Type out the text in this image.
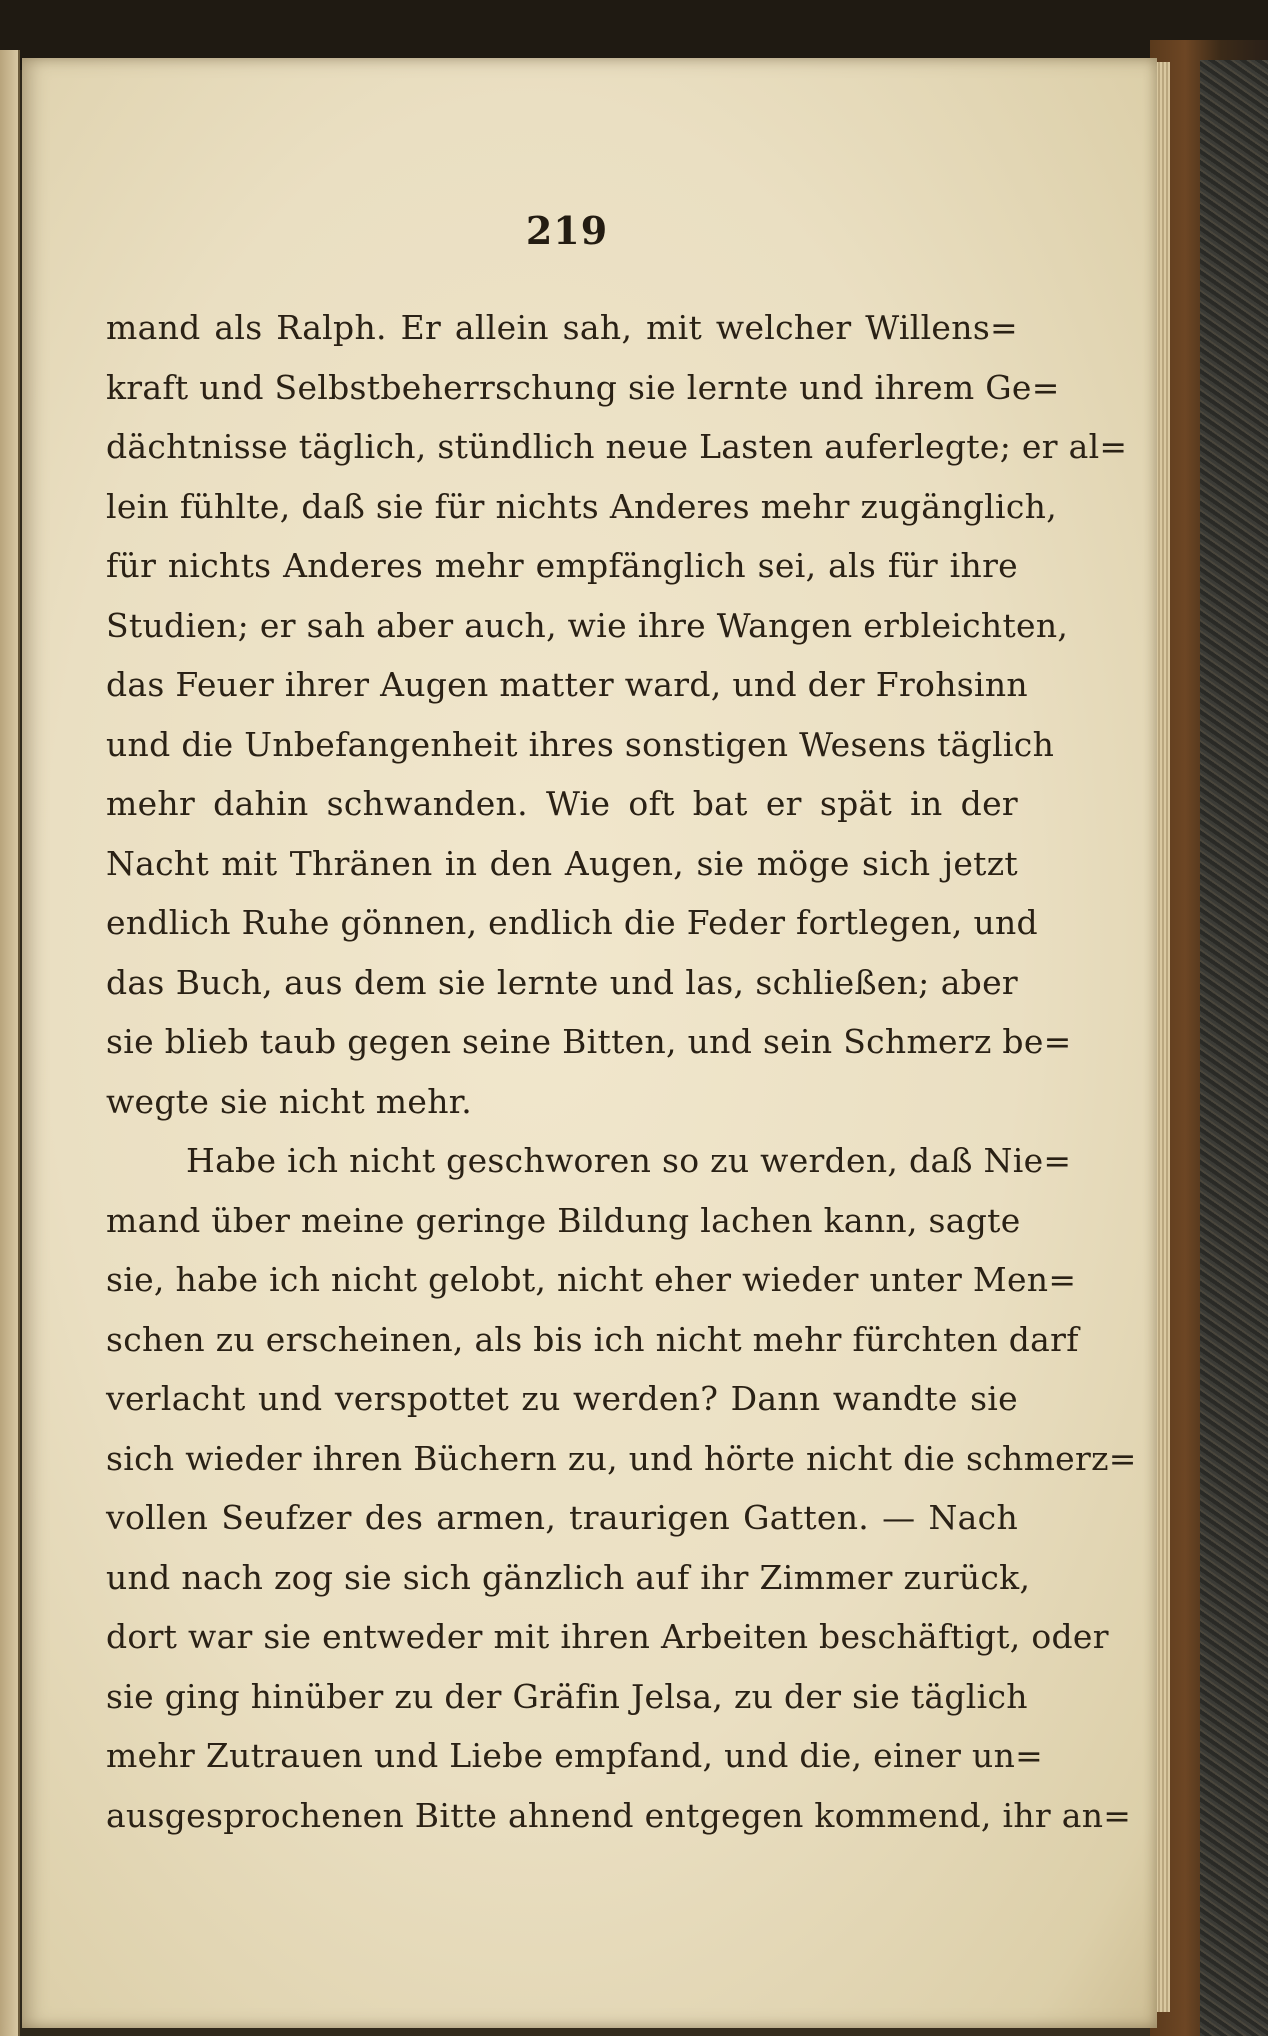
219
mand als Ralph. Er allein sah, mit welcher Willens=
kraft und Selbstbeherrschung sie lernte und ihrem Ge=
dächtnisse täglich, stündlich neue Lasten auferlegte; er al=
lein fühlte, daß sie für nichts Anderes mehr zugänglich,
für nichts Anderes mehr empfänglich sei, als für ihre
Studien; er sah aber auch, wie ihre Wangen erbleichten,
das Feuer ihrer Augen matter ward, und der Frohsinn
und die Unbefangenheit ihres sonstigen Wesens täglich
mehr dahin schwanden. Wie oft bat er spät in der
Nacht mit Thränen in den Augen, sie möge sich jetzt
endlich Ruhe gönnen, endlich die Feder fortlegen, und
das Buch, aus dem sie lernte und las, schließen; aber
sie blieb taub gegen seine Bitten, und sein Schmerz be=
wegte sie nicht mehr.
Habe ich nicht geschworen so zu werden, daß Nie=
mand über meine geringe Bildung lachen kann, sagte
sie, habe ich nicht gelobt, nicht eher wieder unter Men=
schen zu erscheinen, als bis ich nicht mehr fürchten darf
verlacht und verspottet zu werden? Dann wandte sie
sich wieder ihren Büchern zu, und hörte nicht die schmerz=
vollen Seufzer des armen, traurigen Gatten. — Nach
und nach zog sie sich gänzlich auf ihr Zimmer zurück,
dort war sie entweder mit ihren Arbeiten beschäftigt, oder
sie ging hinüber zu der Gräfin Jelsa, zu der sie täglich
mehr Zutrauen und Liebe empfand, und die, einer un=
ausgesprochenen Bitte ahnend entgegen kommend, ihr an=
